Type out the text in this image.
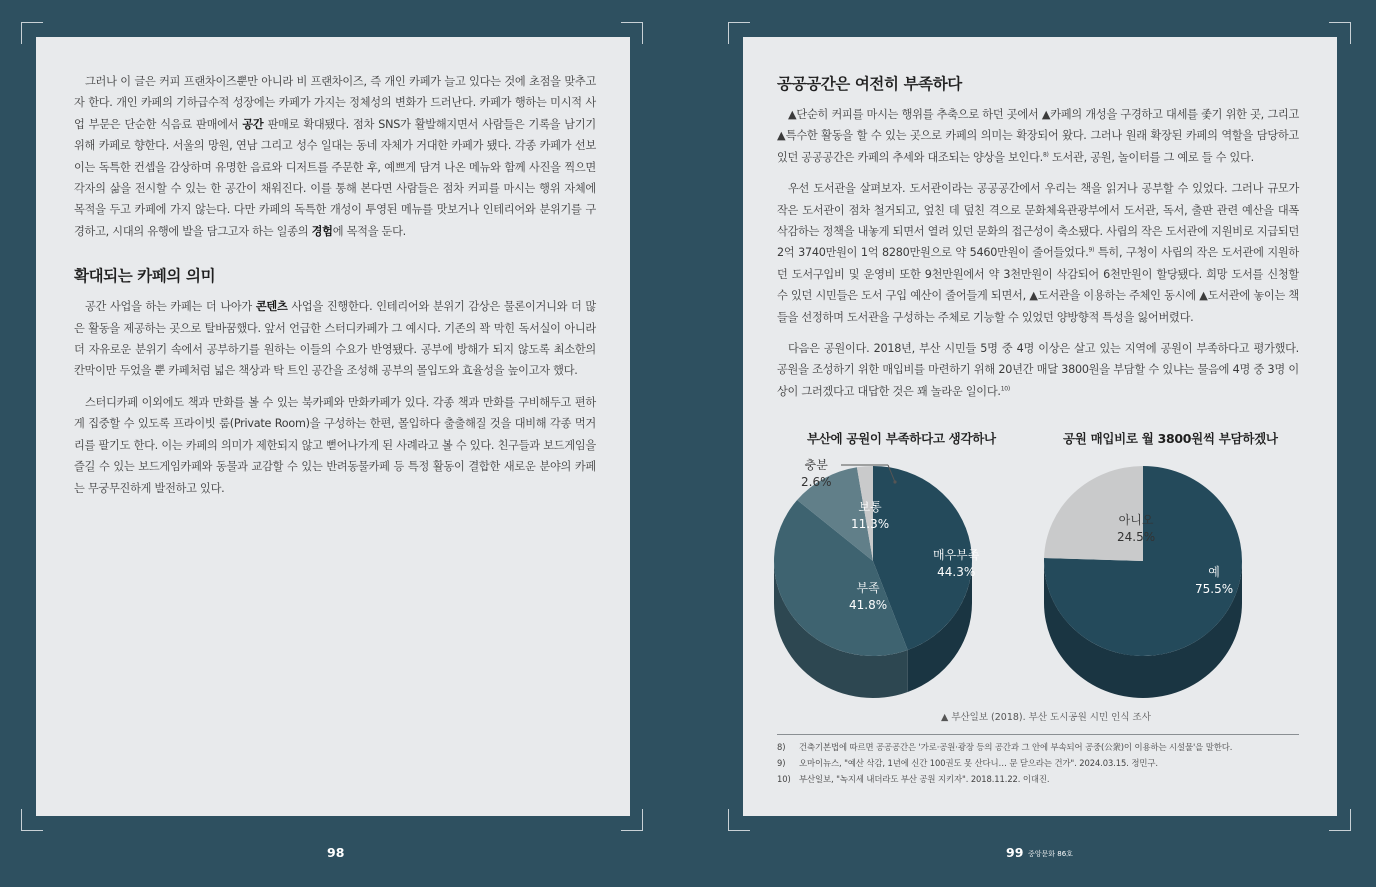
그러나 이 글은 커피 프랜차이즈뿐만 아니라 비 프랜차이즈, 즉 개인 카페가 늘고 있다는 것에 초점을 맞추고자 한다. 개인 카페의 기하급수적 성장에는 카페가 가지는 정체성의 변화가 드러난다. 카페가 행하는 미시적 사업 부문은 단순한 식음료 판매에서 공간 판매로 확대됐다. 점차 SNS가 활발해지면서 사람들은 기록을 남기기 위해 카페로 향한다. 서울의 망원, 연남 그리고 성수 일대는 동네 자체가 거대한 카페가 됐다. 각종 카페가 선보이는 독특한 컨셉을 감상하며 유명한 음료와 디저트를 주문한 후, 예쁘게 담겨 나온 메뉴와 함께 사진을 찍으면 각자의 삶을 전시할 수 있는 한 공간이 채워진다. 이를 통해 본다면 사람들은 점차 커피를 마시는 행위 자체에 목적을 두고 카페에 가지 않는다. 다만 카페의 독특한 개성이 투영된 메뉴를 맛보거나 인테리어와 분위기를 구경하고, 시대의 유행에 발을 담그고자 하는 일종의 경험에 목적을 둔다.

확대되는 카페의 의미

공간 사업을 하는 카페는 더 나아가 콘텐츠 사업을 진행한다. 인테리어와 분위기 감상은 물론이거니와 더 많은 활동을 제공하는 곳으로 탈바꿈했다. 앞서 언급한 스터디카페가 그 예시다. 기존의 꽉 막힌 독서실이 아니라 더 자유로운 분위기 속에서 공부하기를 원하는 이들의 수요가 반영됐다. 공부에 방해가 되지 않도록 최소한의 칸막이만 두었을 뿐 카페처럼 넓은 책상과 탁 트인 공간을 조성해 공부의 몰입도와 효율성을 높이고자 했다.

스터디카페 이외에도 책과 만화를 볼 수 있는 북카페와 만화카페가 있다. 각종 책과 만화를 구비해두고 편하게 집중할 수 있도록 프라이빗 룸(Private Room)을 구성하는 한편, 몰입하다 출출해질 것을 대비해 각종 먹거리를 팔기도 한다. 이는 카페의 의미가 제한되지 않고 뻗어나가게 된 사례라고 볼 수 있다. 친구들과 보드게임을 즐길 수 있는 보드게임카페와 동물과 교감할 수 있는 반려동물카페 등 특정 활동이 결합한 새로운 분야의 카페는 무궁무진하게 발전하고 있다.

공공공간은 여전히 부족하다

▲단순히 커피를 마시는 행위를 추축으로 하던 곳에서 ▲카페의 개성을 구경하고 대세를 좇기 위한 곳, 그리고 ▲특수한 활동을 할 수 있는 곳으로 카페의 의미는 확장되어 왔다. 그러나 원래 확장된 카페의 역할을 담당하고 있던 공공공간은 카페의 추세와 대조되는 양상을 보인다.$^{8)}$ 도서관, 공원, 놀이터를 그 예로 들 수 있다.

우선 도서관을 살펴보자. 도서관이라는 공공공간에서 우리는 책을 읽거나 공부할 수 있었다. 그러나 규모가 작은 도서관이 점차 철거되고, 엎친 데 덮친 격으로 문화체육관광부에서 도서관, 독서, 출판 관련 예산을 대폭 삭감하는 정책을 내놓게 되면서 열려 있던 문화의 접근성이 축소됐다. 사립의 작은 도서관에 지원비로 지급되던 2억 3740만원이 1억 8280만원으로 약 5460만원이 줄어들었다.$^{9)}$ 특히, 구청이 사립의 작은 도서관에 지원하던 도서구입비 및 운영비 또한 9천만원에서 약 3천만원이 삭감되어 6천만원이 할당됐다. 희망 도서를 신청할 수 있던 시민들은 도서 구입 예산이 줄어들게 되면서, ▲도서관을 이용하는 주체인 동시에 ▲도서관에 놓이는 책들을 선정하며 도서관을 구성하는 주체로 기능할 수 있었던 양방향적 특성을 잃어버렸다.

다음은 공원이다. 2018년, 부산 시민들 5명 중 4명 이상은 살고 있는 지역에 공원이 부족하다고 평가했다. 공원을 조성하기 위한 매입비를 마련하기 위해 20년간 매달 3800원을 부담할 수 있냐는 물음에 4명 중 3명 이상이 그러겠다고 대답한 것은 꽤 놀라운 일이다.$^{10)}$

부산에 공원이 부족하다고 생각하나
충분
2.6%
보통
11.3%
매우부족
44.3%
부족
41.8%
공원 매입비로 월 3800원씩 부담하겠나
아니오
24.5%
예
75.5%
▲ 부산일보 (2018). 부산 도시공원 시민 인식 조사
8) 건축기본법에 따르면 공공공간은 '가로·공원·광장 등의 공간과 그 안에 부속되어 공중(公衆)이 이용하는 시설물'을 말한다.
9) 오마이뉴스, "예산 삭감, 1년에 신간 100권도 못 산다니… 문 닫으라는 건가". 2024.03.15. 정민구.
10) 부산일보, "녹지세 내더라도 부산 공원 지키자". 2018.11.22. 이대진.
98	99 중앙문화 86호
